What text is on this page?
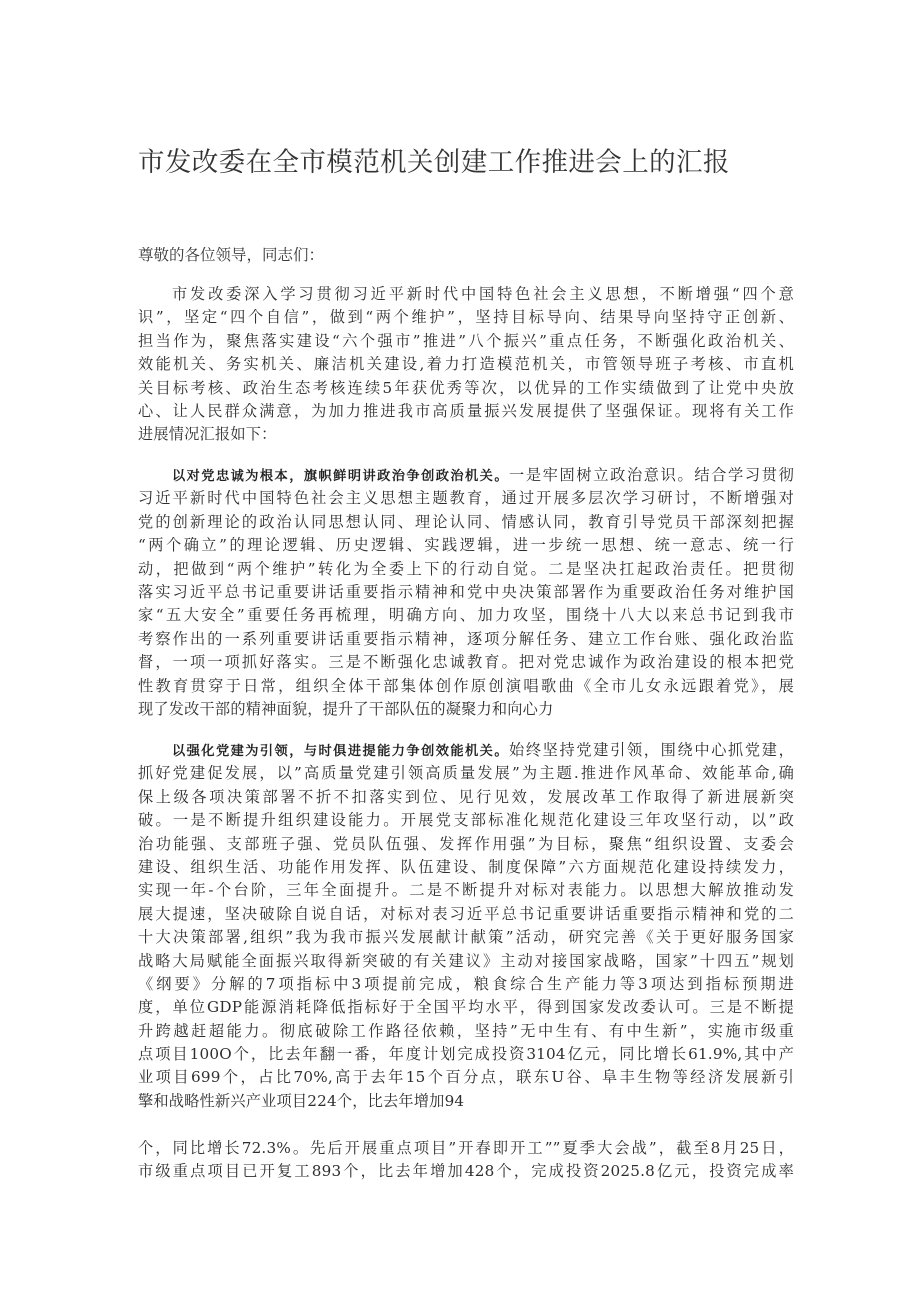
市发改委在全市模范机关创建工作推进会上的汇报
尊敬的各位领导，同志们：
市发改委深入学习贯彻习近平新时代中国特色社会主义思想，不断增强“四个意
识”，坚定“四个自信”，做到“两个维护”，坚持目标导向、结果导向坚持守正创新、
担当作为，聚焦落实建设“六个强市”推进”八个振兴”重点任务，不断强化政治机关、
效能机关、务实机关、廉洁机关建设,着力打造模范机关，市管领导班子考核、市直机
关目标考核、政治生态考核连续5年获优秀等次，以优异的工作实绩做到了让党中央放
心、让人民群众满意，为加力推进我市高质量振兴发展提供了坚强保证。现将有关工作
进展情况汇报如下：
以对党忠诚为根本，旗帜鲜明讲政治争创政治机关。一是牢固树立政治意识。结合学习贯彻
习近平新时代中国特色社会主义思想主题教育，通过开展多层次学习研讨，不断增强对
党的创新理论的政治认同思想认同、理论认同、情感认同，教育引导党员干部深刻把握
“两个确立”的理论逻辑、历史逻辑、实践逻辑，进一步统一思想、统一意志、统一行
动，把做到“两个维护”转化为全委上下的行动自觉。二是坚决扛起政治责任。把贯彻
落实习近平总书记重要讲话重要指示精神和党中央决策部署作为重要政治任务对维护国
家“五大安全”重要任务再梳理，明确方向、加力攻坚，围绕十八大以来总书记到我市
考察作出的一系列重要讲话重要指示精神，逐项分解任务、建立工作台账、强化政治监
督，一项一项抓好落实。三是不断强化忠诚教育。把对党忠诚作为政治建设的根本把党
性教育贯穿于日常，组织全体干部集体创作原创演唱歌曲《全市儿女永远跟着党》，展
现了发改干部的精神面貌，提升了干部队伍的凝聚力和向心力
以强化党建为引领，与时俱进提能力争创效能机关。始终坚持党建引领，围绕中心抓党建，
抓好党建促发展，以”高质量党建引领高质量发展”为主题.推进作风革命、效能革命,确
保上级各项决策部署不折不扣落实到位、见行见效，发展改革工作取得了新进展新突
破。一是不断提升组织建设能力。开展党支部标准化规范化建设三年攻坚行动，以”政
治功能强、支部班子强、党员队伍强、发挥作用强”为目标，聚焦“组织设置、支委会
建设、组织生活、功能作用发挥、队伍建设、制度保障”六方面规范化建设持续发力，
实现一年-个台阶，三年全面提升。二是不断提升对标对表能力。以思想大解放推动发
展大提速，坚决破除自说自话，对标对表习近平总书记重要讲话重要指示精神和党的二
十大决策部署,组织”我为我市振兴发展献计献策”活动，研究完善《关于更好服务国家
战略大局赋能全面振兴取得新突破的有关建议》主动对接国家战略，国家”十四五”规划
《纲要》分解的7项指标中3项提前完成，粮食综合生产能力等3项达到指标预期进
度，单位GDP能源消耗降低指标好于全国平均水平，得到国家发改委认可。三是不断提
升跨越赶超能力。彻底破除工作路径依赖，坚持”无中生有、有中生新”，实施市级重
点项目100O个，比去年翻一番，年度计划完成投资3104亿元，同比增长61.9%,其中产
业项目699个，占比70%,高于去年15个百分点，联东U谷、阜丰生物等经济发展新引
擎和战略性新兴产业项目224个，比去年增加94
个，同比增长72.3%。先后开展重点项目”开春即开工””夏季大会战”，截至8月25日，
市级重点项目已开复工893个，比去年增加428个，完成投资2025.8亿元，投资完成率
